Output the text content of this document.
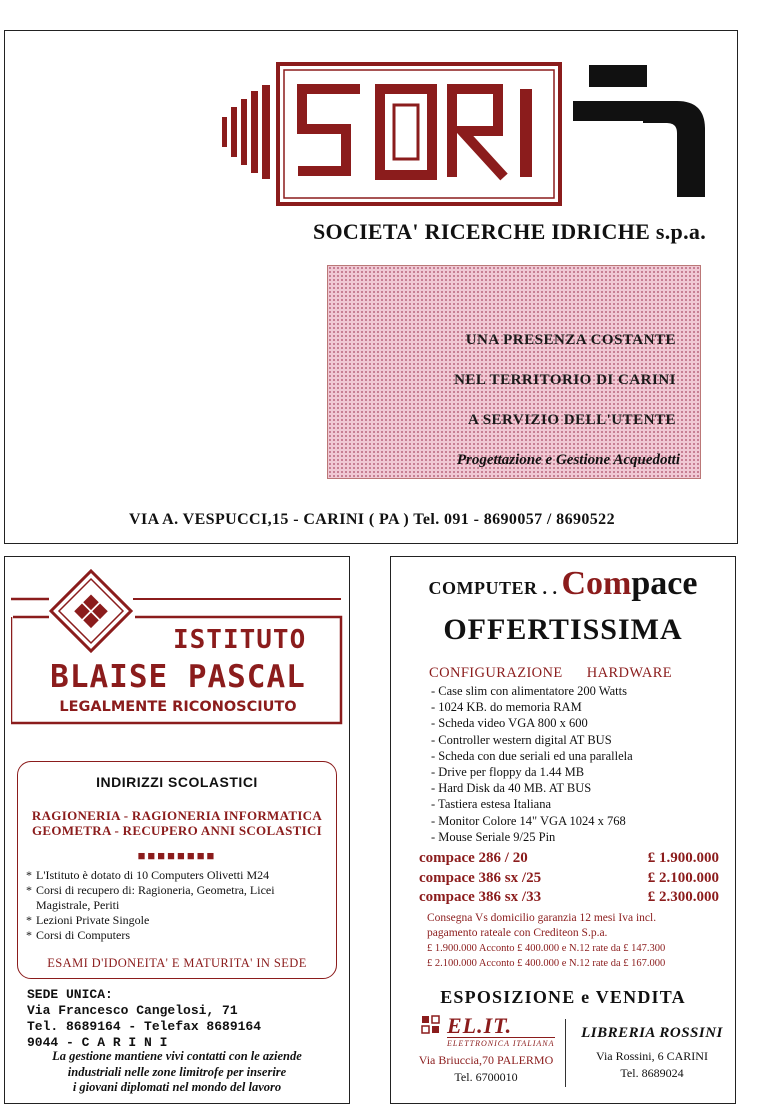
SOCIETA' RICERCHE IDRICHE s.p.a.
UNA PRESENZA COSTANTE
NEL TERRITORIO DI CARINI
A SERVIZIO DELL'UTENTE
Progettazione e Gestione Acquedotti
VIA A. VESPUCCI,15 - CARINI ( PA ) Tel. 091 - 8690057 / 8690522
ISTITUTO
BLAISE PASCAL
LEGALMENTE RICONOSCIUTO
INDIRIZZI SCOLASTICI
RAGIONERIA - RAGIONERIA INFORMATICA
GEOMETRA - RECUPERO ANNI SCOLASTICI
■■■■■■■■
* L'Istituto è dotato di 10 Computers Olivetti M24
* Corsi di recupero di: Ragioneria, Geometra, Licei Magistrale, Periti
* Lezioni Private Singole
* Corsi di Computers
ESAMI D'IDONEITA' E MATURITA' IN SEDE
SEDE UNICA:
Via Francesco Cangelosi, 71
Tel. 8689164 - Telefax 8689164
9044 - C A R I N I
La gestione mantiene vivi contatti con le aziende
industriali nelle zone limitrofe per inserire
i giovani diplomati nel mondo del lavoro
COMPUTER . . Compace
OFFERTISSIMA
CONFIGURAZIONE HARDWARE
- Case slim con alimentatore 200 Watts
- 1024 KB. do memoria RAM
- Scheda video VGA 800 x 600
- Controller western digital AT BUS
- Scheda con due seriali ed una parallela
- Drive per floppy da 1.44 MB
- Hard Disk da 40 MB. AT BUS
- Tastiera estesa Italiana
- Monitor Colore 14" VGA 1024 x 768
- Mouse Seriale 9/25 Pin
compace 286 / 20	£ 1.900.000
compace 386 sx /25	£ 2.100.000
compace 386 sx /33	£ 2.300.000
Consegna Vs domicilio garanzia 12 mesi Iva incl.
pagamento rateale con Crediteon S.p.a.
£ 1.900.000 Acconto £ 400.000 e N.12 rate da £ 147.300
£ 2.100.000 Acconto £ 400.000 e N.12 rate da £ 167.000
ESPOSIZIONE e VENDITA
EL.IT.
ELETTRONICA ITALIANA
Via Briuccia,70 PALERMO
Tel. 6700010
LIBRERIA ROSSINI
Via Rossini, 6 CARINI
Tel. 8689024
